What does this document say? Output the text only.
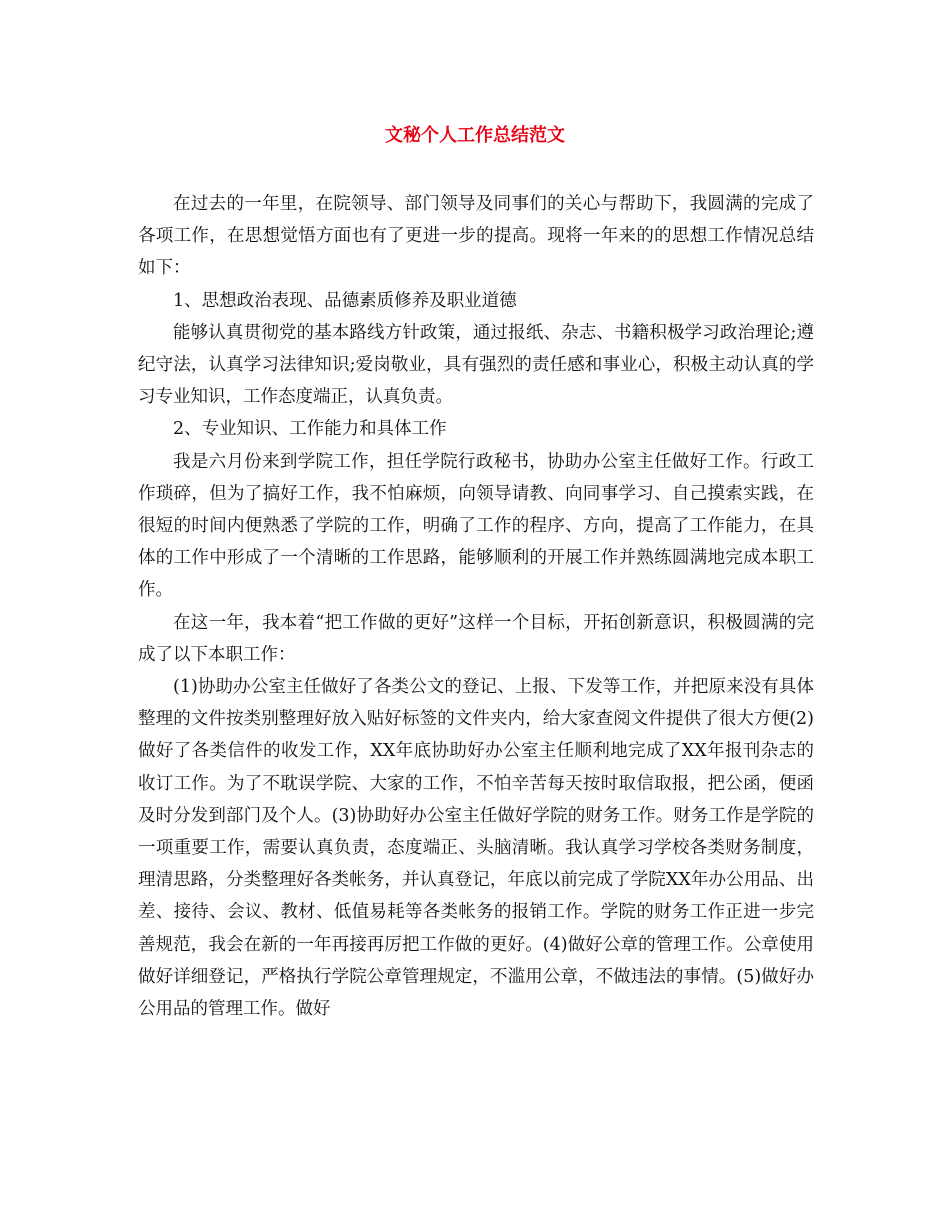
文秘个人工作总结范文

在过去的一年里，在院领导、部门领导及同事们的关心与帮助下，我圆满的完成了各项工作，在思想觉悟方面也有了更进一步的提高。现将一年来的的思想工作情况总结如下：

1、思想政治表现、品德素质修养及职业道德

能够认真贯彻党的基本路线方针政策，通过报纸、杂志、书籍积极学习政治理论;遵纪守法，认真学习法律知识;爱岗敬业，具有强烈的责任感和事业心，积极主动认真的学习专业知识，工作态度端正，认真负责。

2、专业知识、工作能力和具体工作

我是六月份来到学院工作，担任学院行政秘书，协助办公室主任做好工作。行政工作琐碎，但为了搞好工作，我不怕麻烦，向领导请教、向同事学习、自己摸索实践，在很短的时间内便熟悉了学院的工作，明确了工作的程序、方向，提高了工作能力，在具体的工作中形成了一个清晰的工作思路，能够顺利的开展工作并熟练圆满地完成本职工作。

在这一年，我本着“把工作做的更好”这样一个目标，开拓创新意识，积极圆满的完成了以下本职工作：

(1)协助办公室主任做好了各类公文的登记、上报、下发等工作，并把原来没有具体整理的文件按类别整理好放入贴好标签的文件夹内，给大家查阅文件提供了很大方便(2)做好了各类信件的收发工作，XX年底协助好办公室主任顺利地完成了XX年报刊杂志的收订工作。为了不耽误学院、大家的工作，不怕辛苦每天按时取信取报，把公函，便函及时分发到部门及个人。(3)协助好办公室主任做好学院的财务工作。财务工作是学院的一项重要工作，需要认真负责，态度端正、头脑清晰。我认真学习学校各类财务制度，理清思路，分类整理好各类帐务，并认真登记，年底以前完成了学院XX年办公用品、出差、接待、会议、教材、低值易耗等各类帐务的报销工作。学院的财务工作正进一步完善规范，我会在新的一年再接再厉把工作做的更好。(4)做好公章的管理工作。公章使用做好详细登记，严格执行学院公章管理规定，不滥用公章，不做违法的事情。(5)做好办公用品的管理工作。做好
